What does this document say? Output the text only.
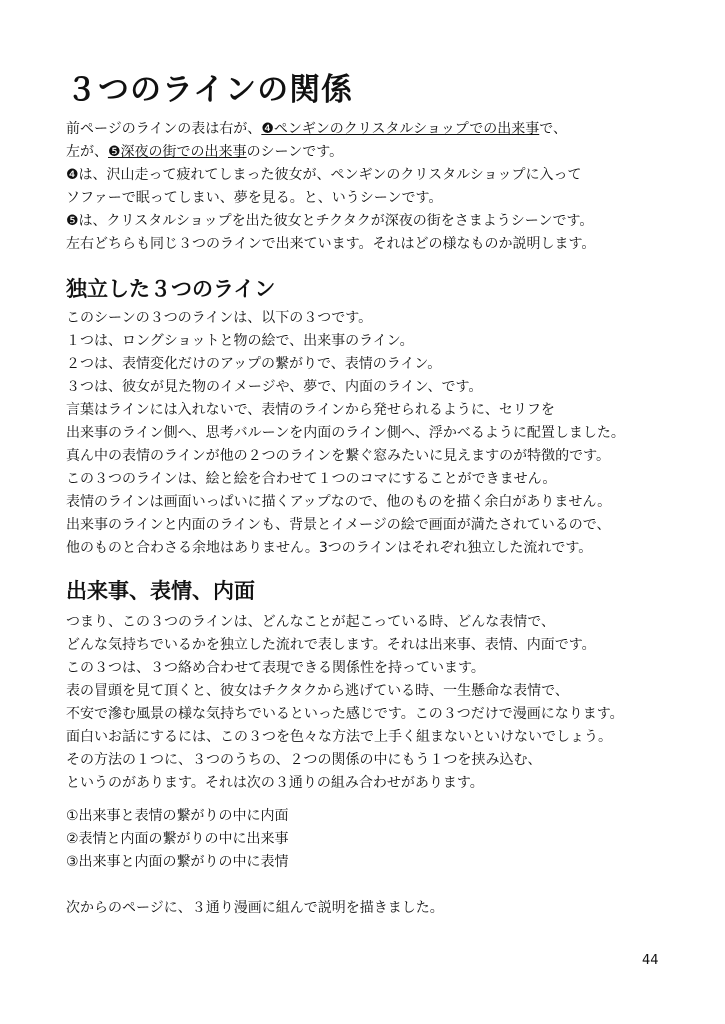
３つのラインの関係
前ページのラインの表は右が、❹ペンギンのクリスタルショップでの出来事で、
左が、❺深夜の街での出来事のシーンです。
❹は、沢山走って疲れてしまった彼女が、ペンギンのクリスタルショップに入って
ソファーで眠ってしまい、夢を見る。と、いうシーンです。
❺は、クリスタルショップを出た彼女とチクタクが深夜の街をさまようシーンです。
左右どちらも同じ３つのラインで出来ています。それはどの様なものか説明します。
独立した３つのライン
このシーンの３つのラインは、以下の３つです。
１つは、ロングショットと物の絵で、出来事のライン。
２つは、表情変化だけのアップの繋がりで、表情のライン。
３つは、彼女が見た物のイメージや、夢で、内面のライン、です。
言葉はラインには入れないで、表情のラインから発せられるように、セリフを
出来事のライン側へ、思考バルーンを内面のライン側へ、浮かべるように配置しました。
真ん中の表情のラインが他の２つのラインを繋ぐ窓みたいに見えますのが特徴的です。
この３つのラインは、絵と絵を合わせて１つのコマにすることができません。
表情のラインは画面いっぱいに描くアップなので、他のものを描く余白がありません。
出来事のラインと内面のラインも、背景とイメージの絵で画面が満たされているので、
他のものと合わさる余地はありません。3つのラインはそれぞれ独立した流れです。
出来事、表情、内面
つまり、この３つのラインは、どんなことが起こっている時、どんな表情で、
どんな気持ちでいるかを独立した流れで表します。それは出来事、表情、内面です。
この３つは、３つ絡め合わせて表現できる関係性を持っています。
表の冒頭を見て頂くと、彼女はチクタクから逃げている時、一生懸命な表情で、
不安で滲む風景の様な気持ちでいるといった感じです。この３つだけで漫画になります。
面白いお話にするには、この３つを色々な方法で上手く組まないといけないでしょう。
その方法の１つに、３つのうちの、２つの関係の中にもう１つを挟み込む、
というのがあります。それは次の３通りの組み合わせがあります。
①出来事と表情の繋がりの中に内面
②表情と内面の繋がりの中に出来事
③出来事と内面の繋がりの中に表情
次からのページに、３通り漫画に組んで説明を描きました。
44
